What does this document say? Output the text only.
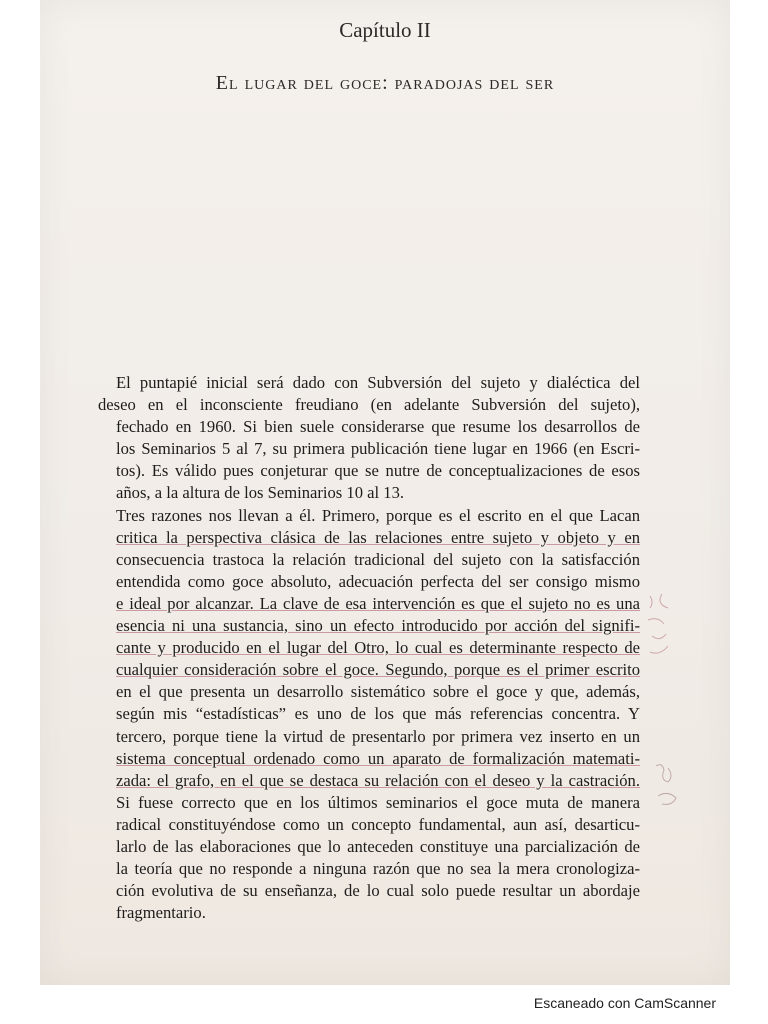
Capítulo II
El lugar del goce: paradojas del ser

El puntapié inicial será dado con Subversión del sujeto y dialéctica del
deseo en el inconsciente freudiano (en adelante Subversión del sujeto),
fechado en 1960. Si bien suele considerarse que resume los desarrollos de
los Seminarios 5 al 7, su primera publicación tiene lugar en 1966 (en Escri-
tos). Es válido pues conjeturar que se nutre de conceptualizaciones de esos
años, a la altura de los Seminarios 10 al 13.

Tres razones nos llevan a él. Primero, porque es el escrito en el que Lacan
critica la perspectiva clásica de las relaciones entre sujeto y objeto y en
consecuencia trastoca la relación tradicional del sujeto con la satisfacción
entendida como goce absoluto, adecuación perfecta del ser consigo mismo
e ideal por alcanzar. La clave de esa intervención es que el sujeto no es una
esencia ni una sustancia, sino un efecto introducido por acción del signifi-
cante y producido en el lugar del Otro, lo cual es determinante respecto de
cualquier consideración sobre el goce. Segundo, porque es el primer escrito
en el que presenta un desarrollo sistemático sobre el goce y que, además,
según mis “estadísticas” es uno de los que más referencias concentra. Y
tercero, porque tiene la virtud de presentarlo por primera vez inserto en un
sistema conceptual ordenado como un aparato de formalización matemati-
zada: el grafo, en el que se destaca su relación con el deseo y la castración.
Si fuese correcto que en los últimos seminarios el goce muta de manera
radical constituyéndose como un concepto fundamental, aun así, desarticu-
larlo de las elaboraciones que lo anteceden constituye una parcialización de
la teoría que no responde a ninguna razón que no sea la mera cronologiza-
ción evolutiva de su enseñanza, de lo cual solo puede resultar un abordaje
fragmentario.

Escaneado con CamScanner
